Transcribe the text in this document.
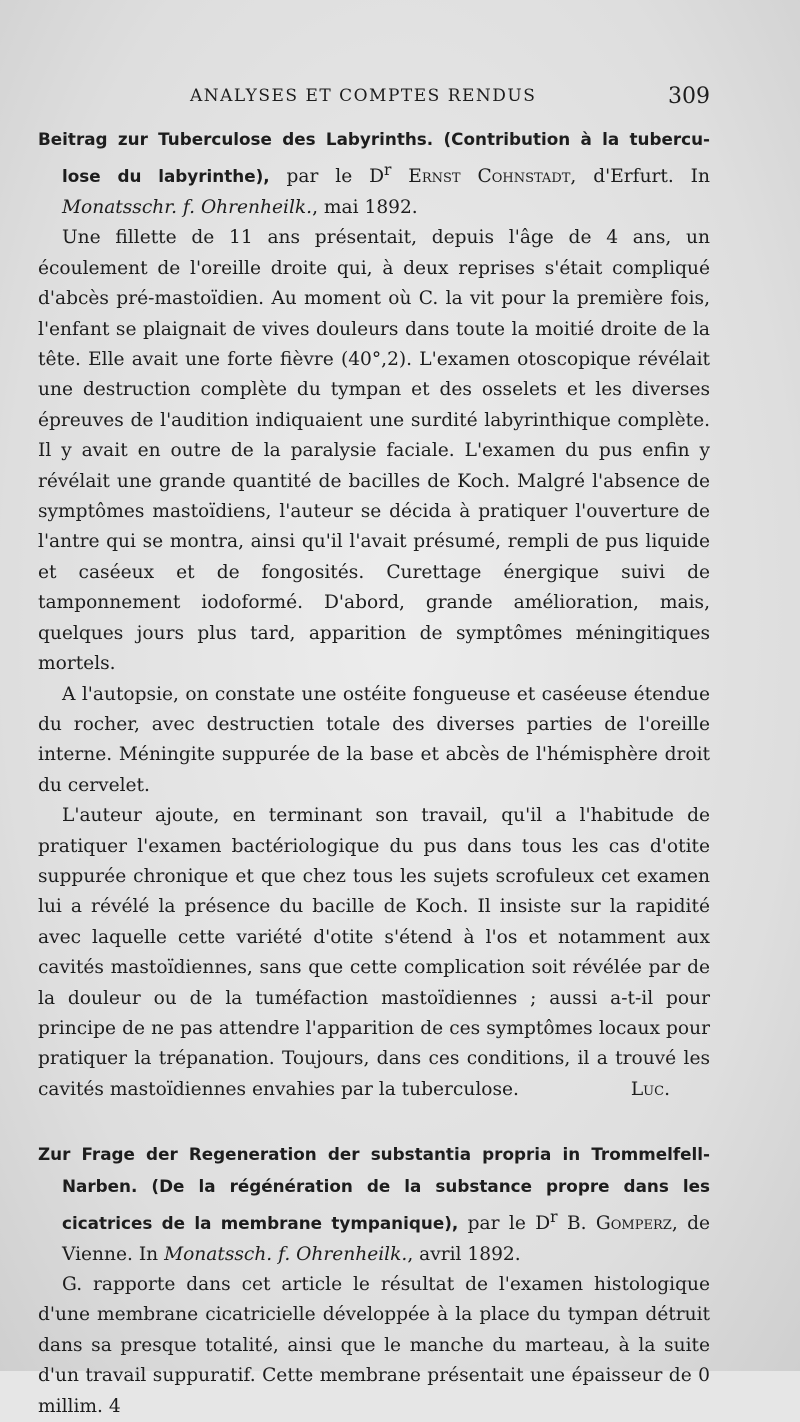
ANALYSES ET COMPTES RENDUS	309

Beitrag zur Tuberculose des Labyrinths. (Contribution à la tubercu-lose du labyrinthe), par le $D^r$ Ernst Cohnstadt, d'Erfurt. In Monatsschr. f. Ohrenheilk., mai 1892.

Une fillette de 11 ans présentait, depuis l'âge de 4 ans, un écoulement de l'oreille droite qui, à deux reprises s'était compliqué d'abcès pré-mastoïdien. Au moment où C. la vit pour la première fois, l'enfant se plaignait de vives douleurs dans toute la moitié droite de la tête. Elle avait une forte fièvre (40°,2). L'examen otoscopique révélait une destruction complète du tympan et des osselets et les diverses épreuves de l'audition indiquaient une surdité labyrinthique complète. Il y avait en outre de la paralysie faciale. L'examen du pus enfin y révélait une grande quantité de bacilles de Koch. Malgré l'absence de symptômes mastoïdiens, l'auteur se décida à pratiquer l'ouverture de l'antre qui se montra, ainsi qu'il l'avait présumé, rempli de pus liquide et caséeux et de fongosités. Curettage énergique suivi de tamponnement iodoformé. D'abord, grande amélioration, mais, quelques jours plus tard, apparition de symptômes méningitiques mortels.

A l'autopsie, on constate une ostéite fongueuse et caséeuse étendue du rocher, avec destructien totale des diverses parties de l'oreille interne. Méningite suppurée de la base et abcès de l'hémisphère droit du cervelet.

L'auteur ajoute, en terminant son travail, qu'il a l'habitude de pratiquer l'examen bactériologique du pus dans tous les cas d'otite suppurée chronique et que chez tous les sujets scrofuleux cet examen lui a révélé la présence du bacille de Koch. Il insiste sur la rapidité avec laquelle cette variété d'otite s'étend à l'os et notamment aux cavités mastoïdiennes, sans que cette complication soit révélée par de la douleur ou de la tuméfaction mastoïdiennes ; aussi a-t-il pour principe de ne pas attendre l'apparition de ces symptômes locaux pour pratiquer la trépanation. Toujours, dans ces conditions, il a trouvé les cavités mastoïdiennes envahies par la tuberculose.	Luc.

Zur Frage der Regeneration der substantia propria in Trommelfell-Narben. (De la régénération de la substance propre dans les cicatrices de la membrane tympanique), par le $D^r$ B. Gomperz, de Vienne. In Monatssch. f. Ohrenheilk., avril 1892.

G. rapporte dans cet article le résultat de l'examen histologique d'une membrane cicatricielle développée à la place du tympan détruit dans sa presque totalité, ainsi que le manche du marteau, à la suite d'un travail suppuratif. Cette membrane présentait une épaisseur de 0 millim. 4
